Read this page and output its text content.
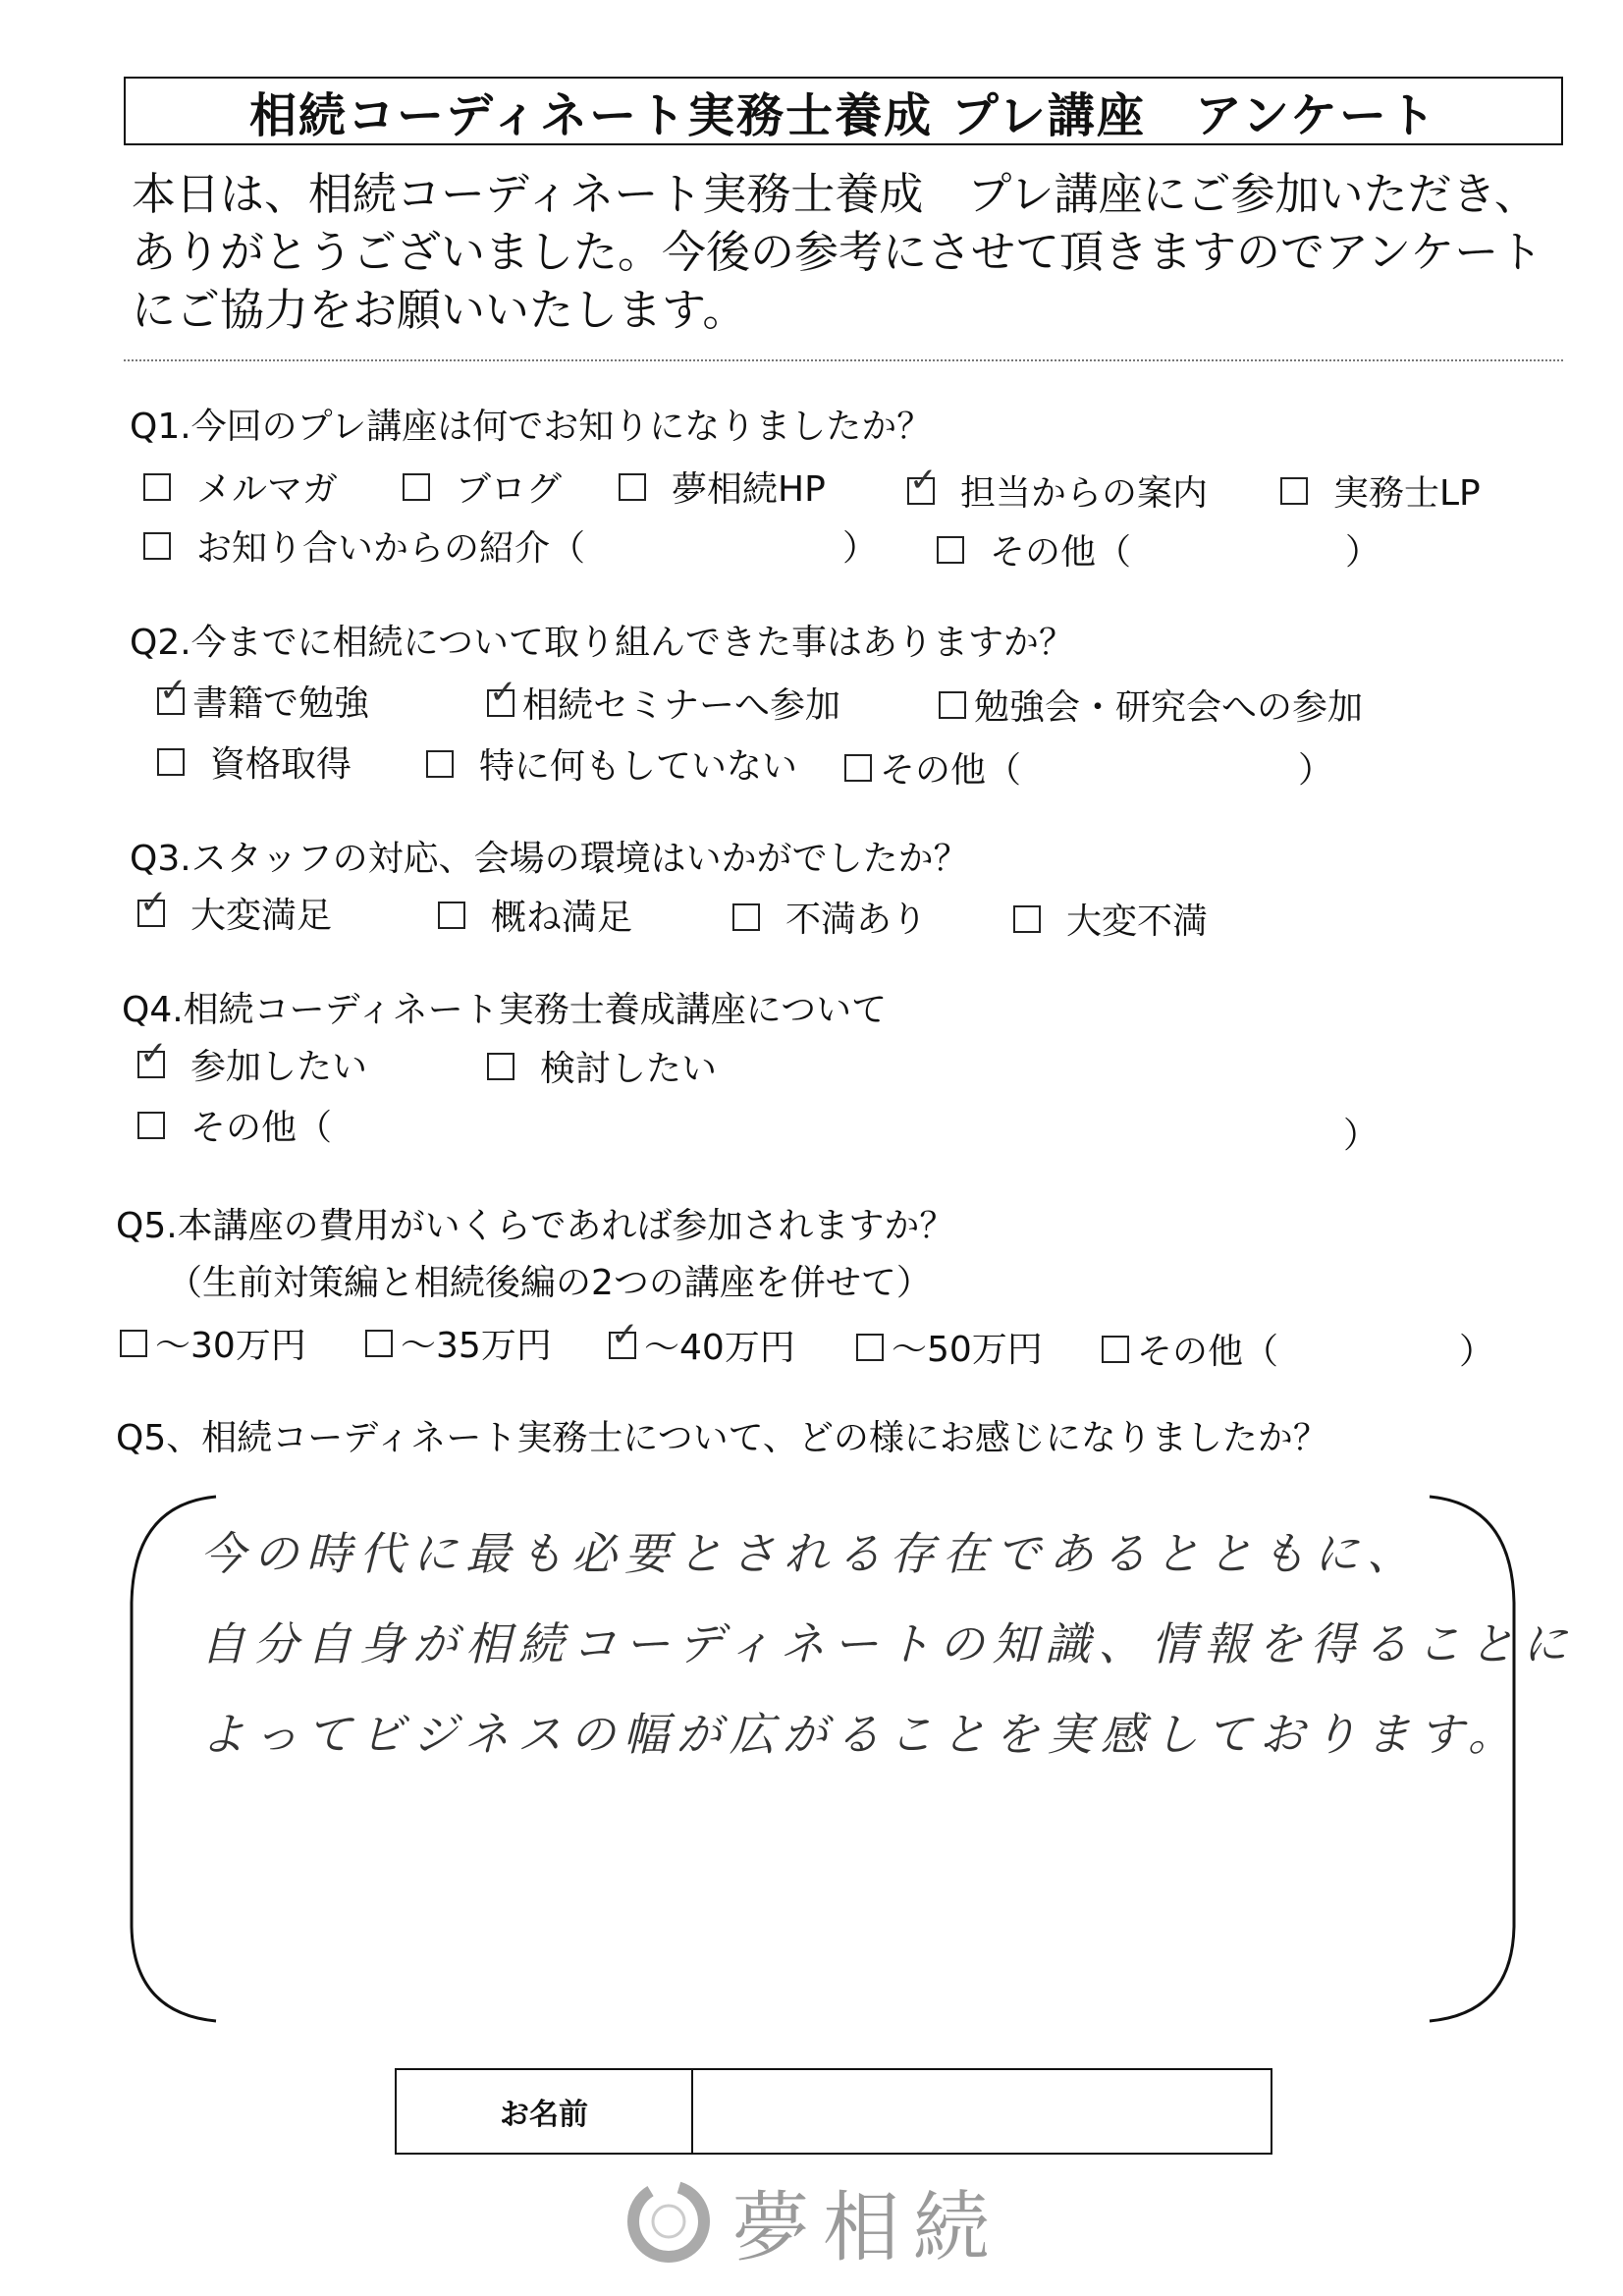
相続コーディネート実務士養成 プレ講座　アンケート
本日は、相続コーディネート実務士養成　プレ講座にご参加いただき、
ありがとうございました。今後の参考にさせて頂きますのでアンケート
にご協力をお願いいたします。
Q1.今回のプレ講座は何でお知りになりましたか？
メルマガ	ブログ	夢相続HP	✓ 担当からの案内	実務士LP
お知り合いからの紹介（	）	その他（	）
Q2.今までに相続について取り組んできた事はありますか？
✓ 書籍で勉強	✓ 相続セミナーへ参加	勉強会・研究会への参加
資格取得	特に何もしていない その他（	）
Q3.スタッフの対応、会場の環境はいかがでしたか？
✓ 大変満足	概ね満足	不満あり	大変不満
Q4.相続コーディネート実務士養成講座について
✓ 参加したい	検討したい
その他（	）
Q5.本講座の費用がいくらであれば参加されますか？
（生前対策編と相続後編の2つの講座を併せて）
～30万円	～35万円 ✓ ～40万円	～50万円	その他（	）
Q5、相続コーディネート実務士について、どの様にお感じになりましたか？
今の時代に最も必要とされる存在であるとともに、
自分自身が相続コーディネートの知識、情報を得ることに
よってビジネスの幅が広がることを実感しております。
お名前
夢相続
